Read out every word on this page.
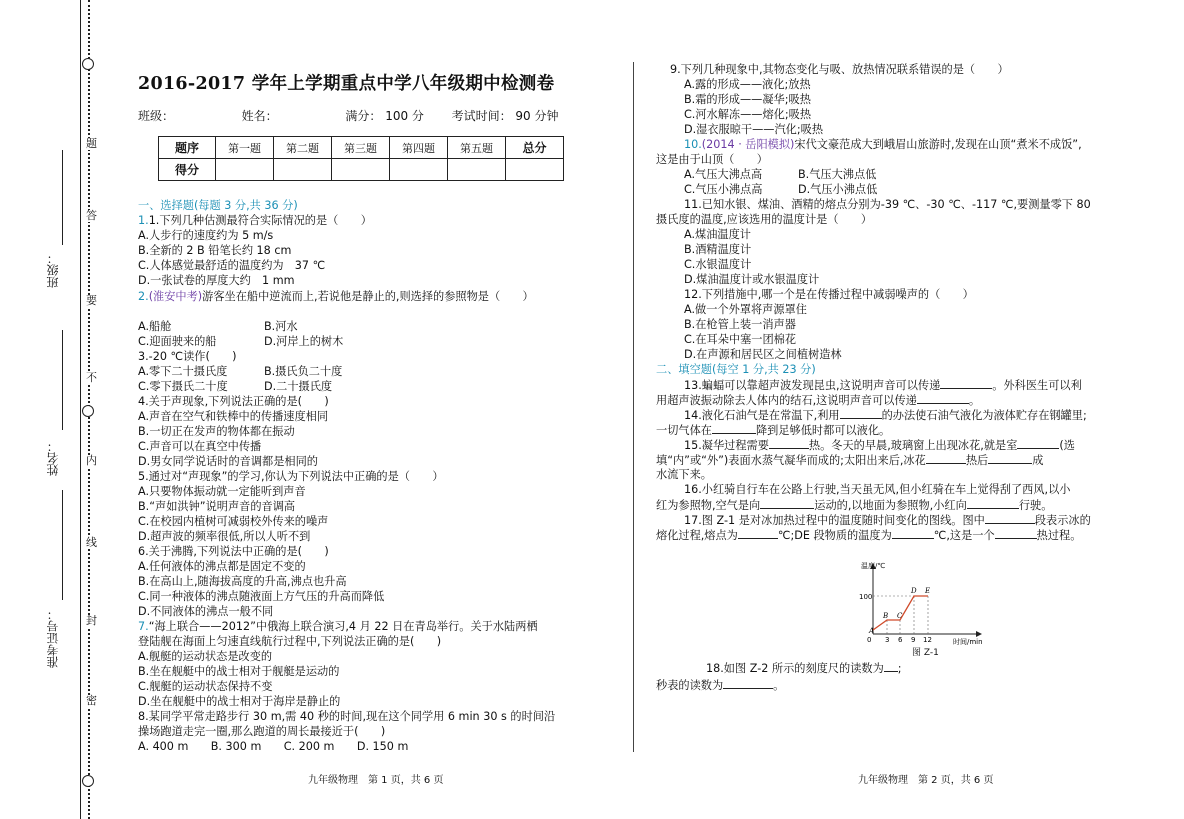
题
答
要
不
内
线
封
密
班级：
姓名：
准考证号：
2016-2017 学年上学期重点中学八年级期中检测卷
班级：	姓名：	满分： 100 分 考试时间： 90 分钟
题序	第一题	第二题	第三题	第四题	第五题	总分
得分						
一、选择题(每题 3 分,共 36 分)
1.1.下列几种估测最符合实际情况的是（　　）
A.人步行的速度约为 5 m/s
B.全新的 2 B 铅笔长约 18 cm
C.人体感觉最舒适的温度约为　37 ℃
D.一张试卷的厚度大约　1 mm
2.(淮安中考)游客坐在船中逆流而上,若说他是静止的,则选择的参照物是（　　）
A.船舱	B.河水
C.迎面驶来的船	D.河岸上的树木
3.-20 ℃读作(　　)
A.零下二十摄氏度	B.摄氏负二十度
C.零下摄氏二十度	D.二十摄氏度
4.关于声现象,下列说法正确的是(　　)
A.声音在空气和铁棒中的传播速度相同
B.一切正在发声的物体都在振动
C.声音可以在真空中传播
D.男女同学说话时的音调都是相同的
5.通过对“声现象”的学习,你认为下列说法中正确的是（　　）
A.只要物体振动就一定能听到声音
B.“声如洪钟”说明声音的音调高
C.在校园内植树可减弱校外传来的噪声
D.超声波的频率很低,所以人听不到
6.关于沸腾,下列说法中正确的是(　　)
A.任何液体的沸点都是固定不变的
B.在高山上,随海拔高度的升高,沸点也升高
C.同一种液体的沸点随液面上方气压的升高而降低
D.不同液体的沸点一般不同
7.“海上联合——2012”中俄海上联合演习,4 月 22 日在青岛举行。关于水陆两栖
登陆舰在海面上匀速直线航行过程中,下列说法正确的是(　　)
A.舰艇的运动状态是改变的
B.坐在舰艇中的战士相对于舰艇是运动的
C.舰艇的运动状态保持不变
D.坐在舰艇中的战士相对于海岸是静止的
8.某同学平常走路步行 30 m,需 40 秒的时间,现在这个同学用 6 min 30 s 的时间沿
操场跑道走完一圈,那么跑道的周长最接近于(　　)
A. 400 m　　B. 300 m　　C. 200 m　　D. 150 m
9.下列几种现象中,其物态变化与吸、放热情况联系错误的是（　　）
A.露的形成——液化;放热
B.霜的形成——凝华;吸热
C.河水解冻——熔化;吸热
D.湿衣服晾干——汽化;吸热
10.(2014 · 岳阳模拟)宋代文豪范成大到峨眉山旅游时,发现在山顶“煮米不成饭”,
这是由于山顶（　　）
A.气压大沸点高	B.气压大沸点低
C.气压小沸点高	D.气压小沸点低
11.已知水银、煤油、酒精的熔点分别为-39 ℃、-30 ℃、-117 ℃,要测量零下 80
摄氏度的温度,应该选用的温度计是（　　）
A.煤油温度计
B.酒精温度计
C.水银温度计
D.煤油温度计或水银温度计
12.下列措施中,哪一个是在传播过程中减弱噪声的（　　）
A.做一个外罩将声源罩住
B.在枪管上装一消声器
C.在耳朵中塞一团棉花
D.在声源和居民区之间植树造林
二、填空题(每空 1 分,共 23 分)
13.蝙蝠可以靠超声波发现昆虫,这说明声音可以传递	。外科医生可以利
用超声波振动除去人体内的结石,这说明声音可以传递	。
14.液化石油气是在常温下,利用	的办法使石油气液化为液体贮存在钢罐里;
一切气体在	降到足够低时都可以液化。
15.凝华过程需要	热。冬天的早晨,玻璃窗上出现冰花,就是室	(选
填“内”或“外”)表面水蒸气凝华而成的;太阳出来后,冰花	热后	成
水流下来。
16.小红骑自行车在公路上行驶,当天虽无风,但小红骑在车上觉得刮了西风,以小
红为参照物,空气是向	运动的,以地面为参照物,小红向	行驶。
17.图 Z-1 是对冰加热过程中的温度随时间变化的图线。图中	段表示冰的
熔化过程,熔点为	℃;DE 段物质的温度为	℃,这是一个	热过程。
温度/℃
时间/min
100
0 3 6 9 12
A
B C
D E
图 Z-1
18.如图 Z-2 所示的刻度尺的读数为 ;
秒表的读数为	。
九年级物理　第 1 页，共 6 页	九年级物理　第 2 页，共 6 页
